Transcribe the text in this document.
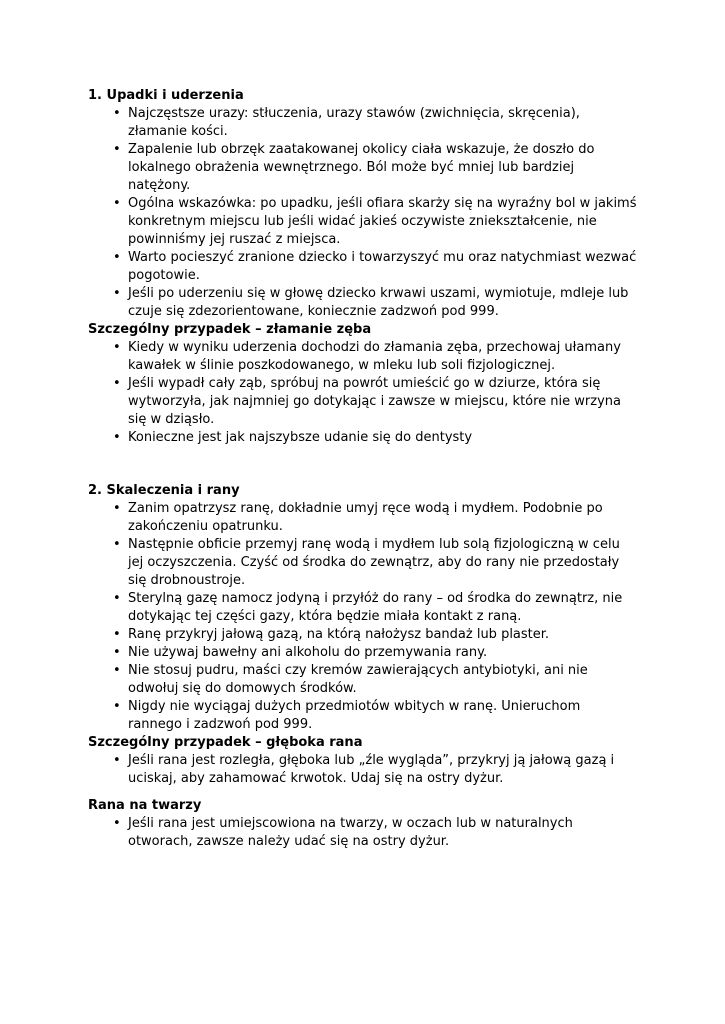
1. Upadki i uderzenia
• Najczęstsze urazy: stłuczenia, urazy stawów (zwichnięcia, skręcenia), złamanie kości.
• Zapalenie lub obrzęk zaatakowanej okolicy ciała wskazuje, że doszło do lokalnego obrażenia wewnętrznego. Ból może być mniej lub bardziej natężony.
• Ogólna wskazówka: po upadku, jeśli ofiara skarży się na wyraźny bol w jakimś konkretnym miejscu lub jeśli widać jakieś oczywiste zniekształcenie, nie powinniśmy jej ruszać z miejsca.
• Warto pocieszyć zranione dziecko i towarzyszyć mu oraz natychmiast wezwać pogotowie.
• Jeśli po uderzeniu się w głowę dziecko krwawi uszami, wymiotuje, mdleje lub czuje się zdezorientowane, koniecznie zadzwoń pod 999.
Szczególny przypadek – złamanie zęba
• Kiedy w wyniku uderzenia dochodzi do złamania zęba, przechowaj ułamany kawałek w ślinie poszkodowanego, w mleku lub soli fizjologicznej.
• Jeśli wypadł cały ząb, spróbuj na powrót umieścić go w dziurze, która się wytworzyła, jak najmniej go dotykając i zawsze w miejscu, które nie wrzyna się w dziąsło.
• Konieczne jest jak najszybsze udanie się do dentysty
2. Skaleczenia i rany
• Zanim opatrzysz ranę, dokładnie umyj ręce wodą i mydłem. Podobnie po zakończeniu opatrunku.
• Następnie obficie przemyj ranę wodą i mydłem lub solą fizjologiczną w celu jej oczyszczenia. Czyść od środka do zewnątrz, aby do rany nie przedostały się drobnoustroje.
• Sterylną gazę namocz jodyną i przyłóż do rany – od środka do zewnątrz, nie dotykając tej części gazy, która będzie miała kontakt z raną.
• Ranę przykryj jałową gazą, na którą nałożysz bandaż lub plaster.
• Nie używaj bawełny ani alkoholu do przemywania rany.
• Nie stosuj pudru, maści czy kremów zawierających antybiotyki, ani nie odwołuj się do domowych środków.
• Nigdy nie wyciągaj dużych przedmiotów wbitych w ranę. Unieruchom rannego i zadzwoń pod 999.
Szczególny przypadek – głęboka rana
• Jeśli rana jest rozległa, głęboka lub „źle wygląda”, przykryj ją jałową gazą i uciskaj, aby zahamować krwotok. Udaj się na ostry dyżur.
Rana na twarzy
• Jeśli rana jest umiejscowiona na twarzy, w oczach lub w naturalnych otworach, zawsze należy udać się na ostry dyżur.
